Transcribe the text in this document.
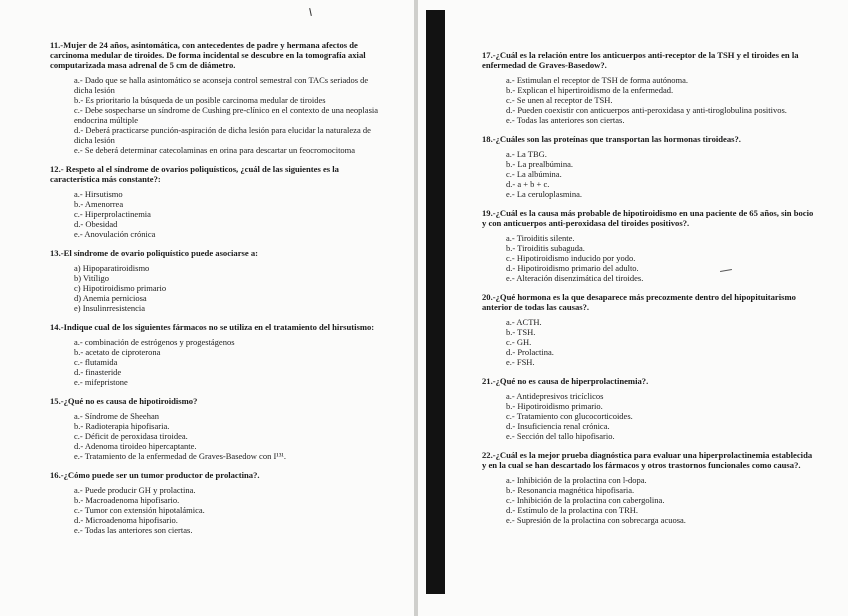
11.-Mujer de 24 años, asintomática, con antecedentes de padre y hermana afectos de carcinoma medular de tiroides. De forma incidental se descubre en la tomografía axial computarizada masa adrenal de 5 cm de diámetro.
a.- Dado que se halla asintomático se aconseja control semestral con TACs seriados de dicha lesión
b.- Es prioritario la búsqueda de un posible carcinoma medular de tiroides
c.- Debe sospecharse un síndrome de Cushing pre-clínico en el contexto de una neoplasia endocrina múltiple
d.- Deberá practicarse punción-aspiración de dicha lesión para elucidar la naturaleza de dicha lesión
e.- Se deberá determinar catecolaminas en orina para descartar un feocromocitoma
12.- Respeto al el síndrome de ovarios poliquísticos, ¿cuál de las siguientes es la característica más constante?:
a.- Hirsutismo
b.- Amenorrea
c.- Hiperprolactinemia
d.- Obesidad
e.- Anovulación crónica
13.-El síndrome de ovario poliquístico puede asociarse a:
a) Hipoparatiroidismo
b) Vitíligo
c) Hipotiroidismo primario
d) Anemia perniciosa
e) Insulinrresistencia
14.-Indique cual de los siguientes fármacos no se utiliza en el tratamiento del hirsutismo:
a.- combinación de estrógenos y progestágenos
b.- acetato de ciproterona
c.- flutamida
d.- finasteride
e.- mifepristone
15.-¿Qué no es causa de hipotiroidismo?
a.- Síndrome de Sheehan
b.- Radioterapia hipofisaria.
c.- Déficit de peroxidasa tiroidea.
d.- Adenoma tiroideo hipercaptante.
e.- Tratamiento de la enfermedad de Graves-Basedow con I¹³¹.
16.-¿Cómo puede ser un tumor productor de prolactina?.
a.- Puede producir GH y prolactina.
b.- Macroadenoma hipofisario.
c.- Tumor con extensión hipotalámica.
d.- Microadenoma hipofisario.
e.- Todas las anteriores son ciertas.
17.-¿Cuál es la relación entre los anticuerpos anti-receptor de la TSH y el tiroides en la enfermedad de Graves-Basedow?.
a.- Estimulan el receptor de TSH de forma autónoma.
b.- Explican el hipertiroidismo de la enfermedad.
c.- Se unen al receptor de TSH.
d.- Pueden coexistir con anticuerpos anti-peroxidasa y anti-tiroglobulina positivos.
e.- Todas las anteriores son ciertas.
18.-¿Cuáles son las proteínas que transportan las hormonas tiroideas?.
a.- La TBG.
b.- La prealbúmina.
c.- La albúmina.
d.- a + b + c.
e.- La ceruloplasmina.
19.-¿Cuál es la causa más probable de hipotiroidismo en una paciente de 65 años, sin bocio y con anticuerpos anti-peroxidasa del tiroides positivos?.
a.- Tiroiditis silente.
b.- Tiroiditis subaguda.
c.- Hipotiroidismo inducido por yodo.
d.- Hipotiroidismo primario del adulto.
e.- Alteración disenzimática del tiroides.
20.-¿Qué hormona es la que desaparece más precozmente dentro del hipopituitarismo anterior de todas las causas?.
a.- ACTH.
b.- TSH.
c.- GH.
d.- Prolactina.
e.- FSH.
21.-¿Qué no es causa de hiperprolactinemia?.
a.- Antidepresivos tricíclicos
b.- Hipotiroidismo primario.
c.- Tratamiento con glucocorticoides.
d.- Insuficiencia renal crónica.
e.- Sección del tallo hipofisario.
22.-¿Cuál es la mejor prueba diagnóstica para evaluar una hiperprolactinemia establecida y en la cual se han descartado los fármacos y otros trastornos funcionales como causa?.
a.- Inhibición de la prolactina con l-dopa.
b.- Resonancia magnética hipofisaria.
c.- Inhibición de la prolactina con cabergolina.
d.- Estímulo de la prolactina con TRH.
e.- Supresión de la prolactina con sobrecarga acuosa.
